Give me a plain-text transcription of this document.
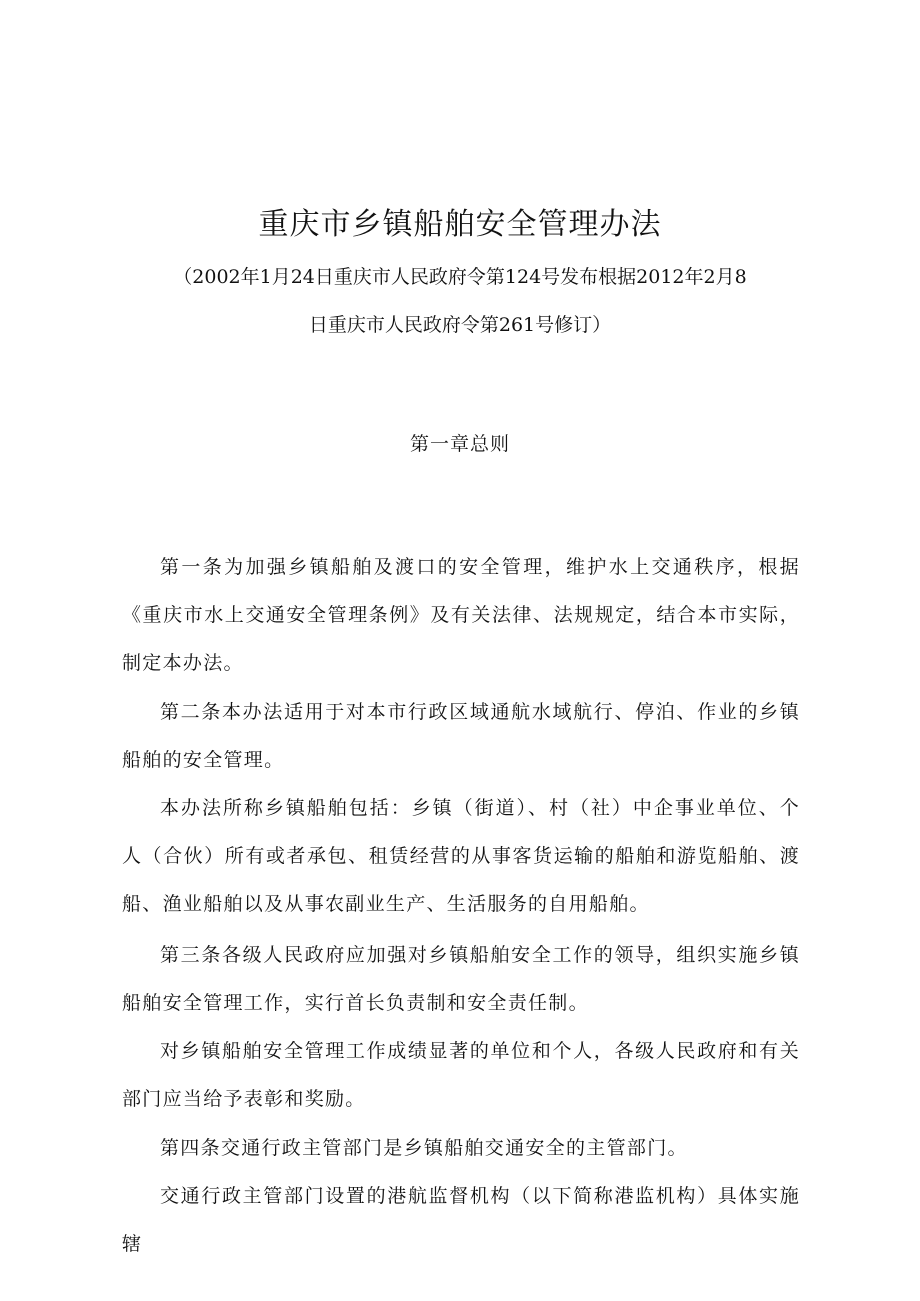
重庆市乡镇船舶安全管理办法
（2002年1月24日重庆市人民政府令第124号发布根据2012年2月8
日重庆市人民政府令第261号修订）
第一章总则

第一条为加强乡镇船舶及渡口的安全管理，维护水上交通秩序，根据《重庆市水上交通安全管理条例》及有关法律、法规规定，结合本市实际，制定本办法。

第二条本办法适用于对本市行政区域通航水域航行、停泊、作业的乡镇船舶的安全管理。

本办法所称乡镇船舶包括：乡镇（街道）、村（社）中企事业单位、个人（合伙）所有或者承包、租赁经营的从事客货运输的船舶和游览船舶、渡船、渔业船舶以及从事农副业生产、生活服务的自用船舶。

第三条各级人民政府应加强对乡镇船舶安全工作的领导，组织实施乡镇船舶安全管理工作，实行首长负责制和安全责任制。

对乡镇船舶安全管理工作成绩显著的单位和个人，各级人民政府和有关部门应当给予表彰和奖励。

第四条交通行政主管部门是乡镇船舶交通安全的主管部门。

交通行政主管部门设置的港航监督机构（以下简称港监机构）具体实施辖
